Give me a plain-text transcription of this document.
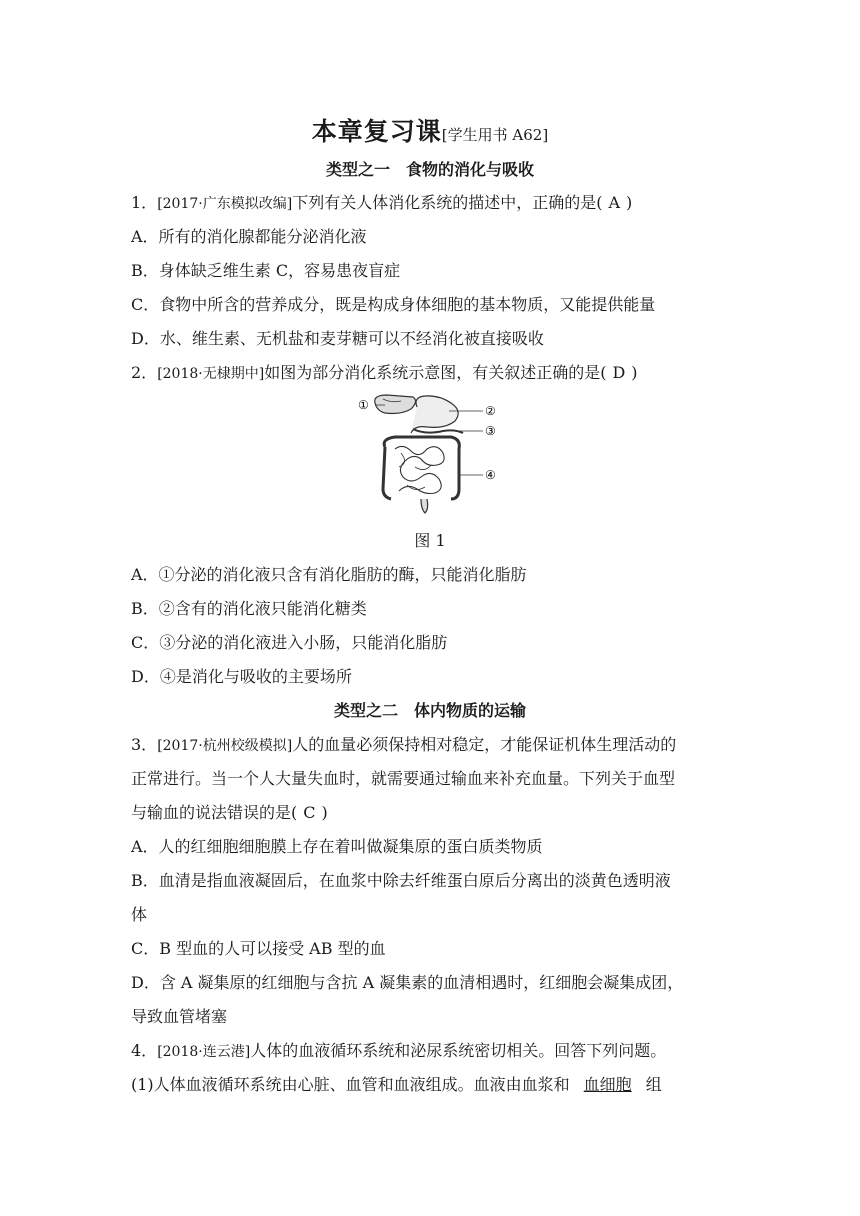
本章复习课[学生用书 A62]
类型之一　食物的消化与吸收
1．[2017·广东模拟改编]下列有关人体消化系统的描述中，正确的是( A )
A．所有的消化腺都能分泌消化液
B．身体缺乏维生素 C，容易患夜盲症
C．食物中所含的营养成分，既是构成身体细胞的基本物质，又能提供能量
D．水、维生素、无机盐和麦芽糖可以不经消化被直接吸收
2．[2018·无棣期中]如图为部分消化系统示意图，有关叙述正确的是( D )
①	②
③
④
图 1
A．①分泌的消化液只含有消化脂肪的酶，只能消化脂肪
B．②含有的消化液只能消化糖类
C．③分泌的消化液进入小肠，只能消化脂肪
D．④是消化与吸收的主要场所
类型之二　体内物质的运输
3．[2017·杭州校级模拟]人的血量必须保持相对稳定，才能保证机体生理活动的
正常进行。当一个人大量失血时，就需要通过输血来补充血量。下列关于血型
与输血的说法错误的是( C )
A．人的红细胞细胞膜上存在着叫做凝集原的蛋白质类物质
B．血清是指血液凝固后，在血浆中除去纤维蛋白原后分离出的淡黄色透明液
体
C．B 型血的人可以接受 AB 型的血
D．含 A 凝集原的红细胞与含抗 A 凝集素的血清相遇时，红细胞会凝集成团，
导致血管堵塞
4．[2018·连云港]人体的血液循环系统和泌尿系统密切相关。回答下列问题。
(1)人体血液循环系统由心脏、血管和血液组成。血液由血浆和 血细胞 组
